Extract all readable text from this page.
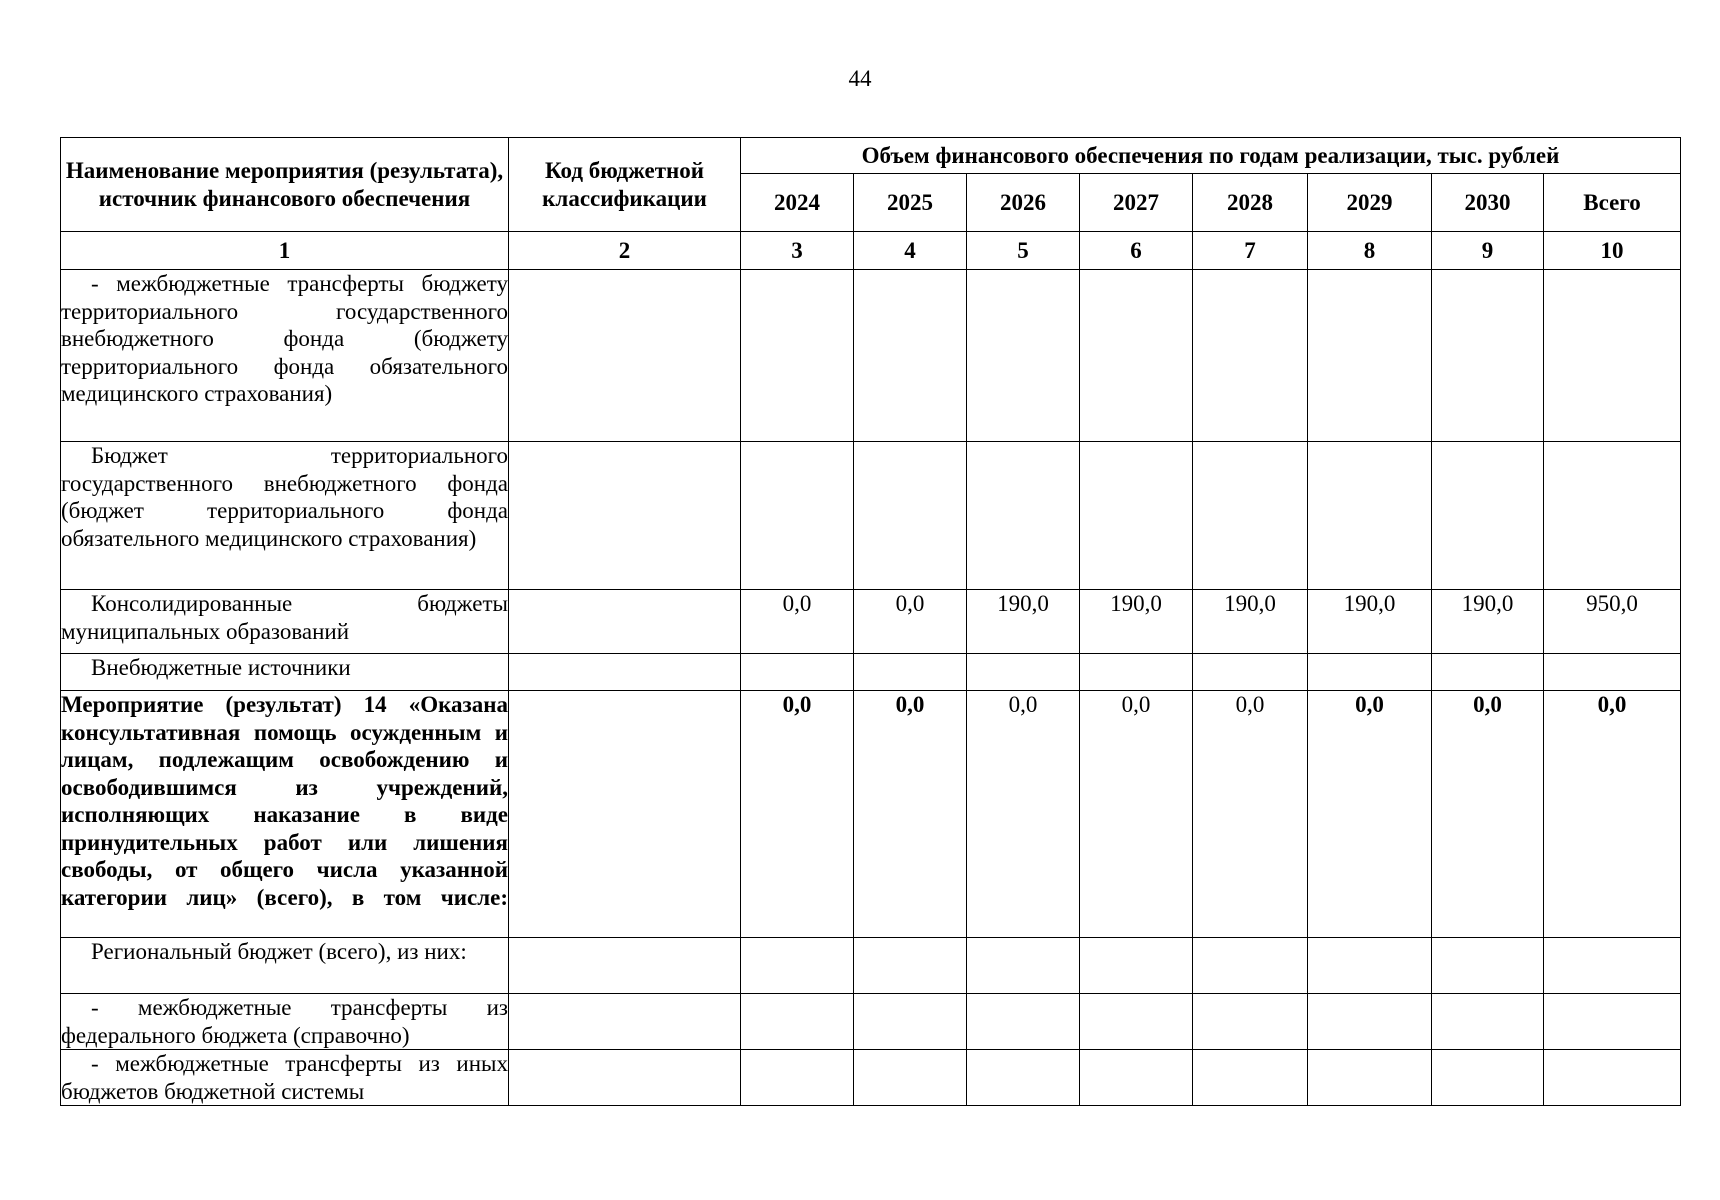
44
Наименование мероприятия (результата), источник финансового обеспечения	Код бюджетной классификации	Объем финансового обеспечения по годам реализации, тыс. рублей							
		2024	2025	2026	2027	2028	2029	2030	Всего
1	2	3	4	5	6	7	8	9	10
- межбюджетные трансферты бюджету территориального государственного внебюджетного фонда (бюджету территориального фонда обязательного медицинского страхования)									
Бюджет территориального государственного внебюджетного фонда (бюджет территориального фонда обязательного медицинского страхования)									
Консолидированные бюджеты муниципальных образований		0,0	0,0	190,0	190,0	190,0	190,0	190,0	950,0
Внебюджетные источники									
Мероприятие (результат) 14 «Оказана консультативная помощь осужденным и лицам, подлежащим освобождению и освободившимся из учреждений, исполняющих наказание в виде принудительных работ или лишения свободы, от общего числа указанной категории лиц» (всего), в том числе:		0,0	0,0	0,0	0,0	0,0	0,0	0,0	0,0
Региональный бюджет (всего), из них:									
- межбюджетные трансферты из федерального бюджета (справочно)									
- межбюджетные трансферты из иных бюджетов бюджетной системы									
